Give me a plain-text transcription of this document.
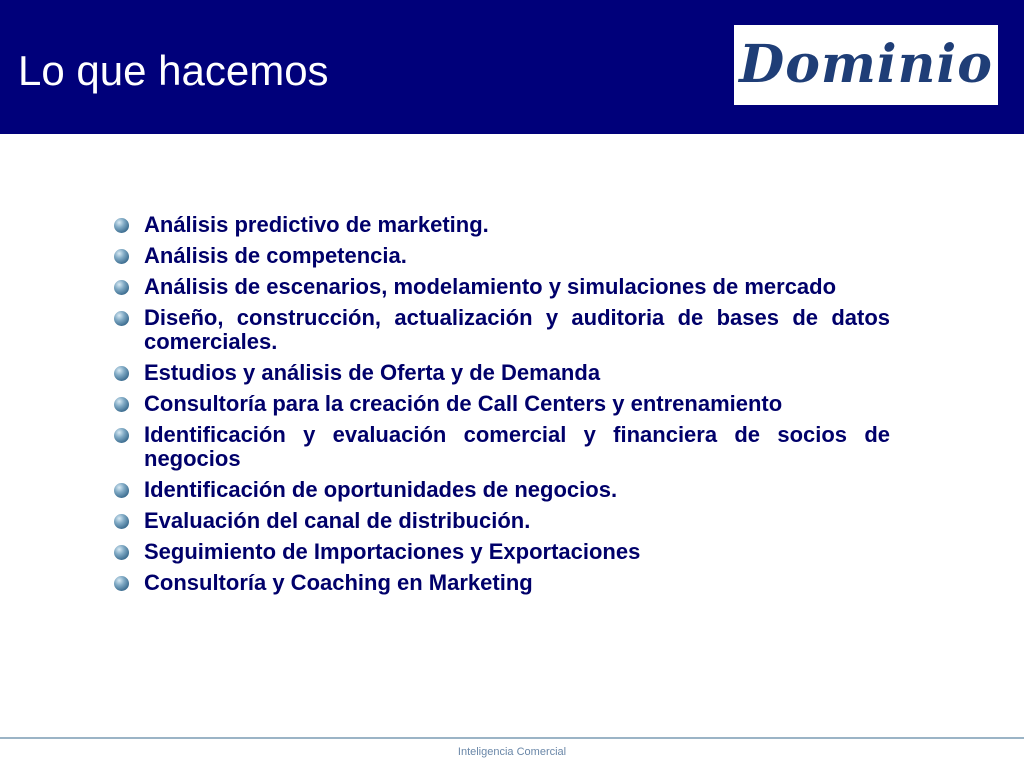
Lo que hacemos	Dominio
Análisis predictivo de marketing.
Análisis de competencia.
Análisis de escenarios, modelamiento y simulaciones de mercado
Diseño, construcción, actualización y auditoria de bases de datos comerciales.
Estudios y análisis de Oferta y de Demanda
Consultoría para la creación de Call Centers y entrenamiento
Identificación y evaluación comercial y financiera de socios de negocios
Identificación de oportunidades de negocios.
Evaluación del canal de distribución.
Seguimiento de Importaciones y Exportaciones
Consultoría y Coaching en Marketing
Inteligencia Comercial
